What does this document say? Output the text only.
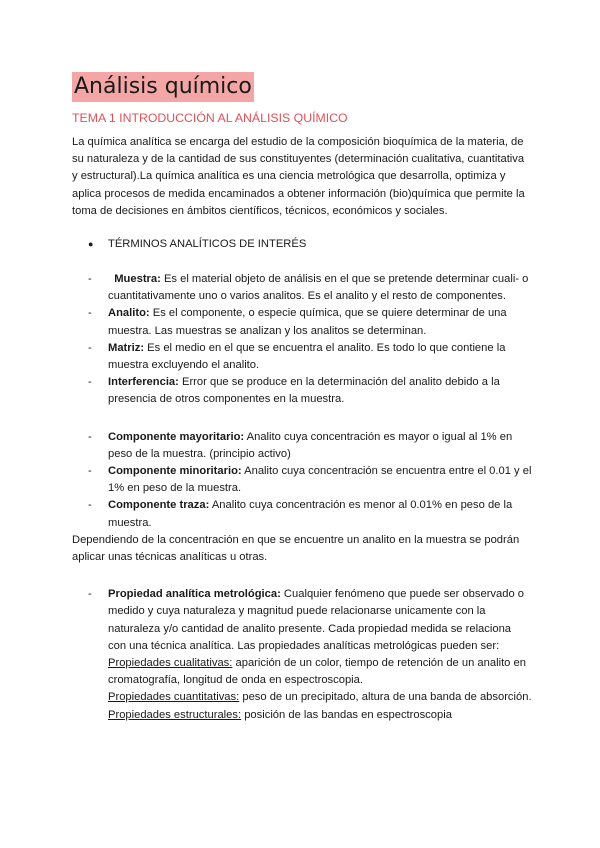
Análisis químico
TEMA 1 INTRODUCCIÓN AL ANÁLISIS QUÍMICO

La química analítica se encarga del estudio de la composición bioquímica de la materia, de su naturaleza y de la cantidad de sus constituyentes (determinación cualitativa, cuantitativa y estructural).La química analítica es una ciencia metrológica que desarrolla, optimiza y aplica procesos de medida encaminados a obtener información (bio)química que permite la toma de decisiones en ámbitos científicos, técnicos, económicos y sociales.

●	TÉRMINOS ANALÍTICOS DE INTERÉS
-	Muestra: Es el material objeto de análisis en el que se pretende determinar cuali- o cuantitativamente uno o varios analitos. Es el analito y el resto de componentes.
-	Analito: Es el componente, o especie química, que se quiere determinar de una muestra. Las muestras se analizan y los analitos se determinan.
-	Matriz: Es el medio en el que se encuentra el analito. Es todo lo que contiene la muestra excluyendo el analito.
-	Interferencia: Error que se produce en la determinación del analito debido a la presencia de otros componentes en la muestra.
-	Componente mayoritario: Analito cuya concentración es mayor o igual al 1% en peso de la muestra. (principio activo)
-	Componente minoritario: Analito cuya concentración se encuentra entre el 0.01 y el 1% en peso de la muestra.
-	Componente traza: Analito cuya concentración es menor al 0.01% en peso de la muestra.

Dependiendo de la concentración en que se encuentre un analito en la muestra se podrán aplicar unas técnicas analíticas u otras.

-	Propiedad analítica metrológica: Cualquier fenómeno que puede ser observado o medido y cuya naturaleza y magnitud puede relacionarse unicamente con la naturaleza y/o cantidad de analito presente. Cada propiedad medida se relaciona con una técnica analítica. Las propiedades analíticas metrológicas pueden ser:
Propiedades cualitativas: aparición de un color, tiempo de retención de un analito en cromatografía, longitud de onda en espectroscopia.
Propiedades cuantitativas: peso de un precipitado, altura de una banda de absorción.
Propiedades estructurales: posición de las bandas en espectroscopia
